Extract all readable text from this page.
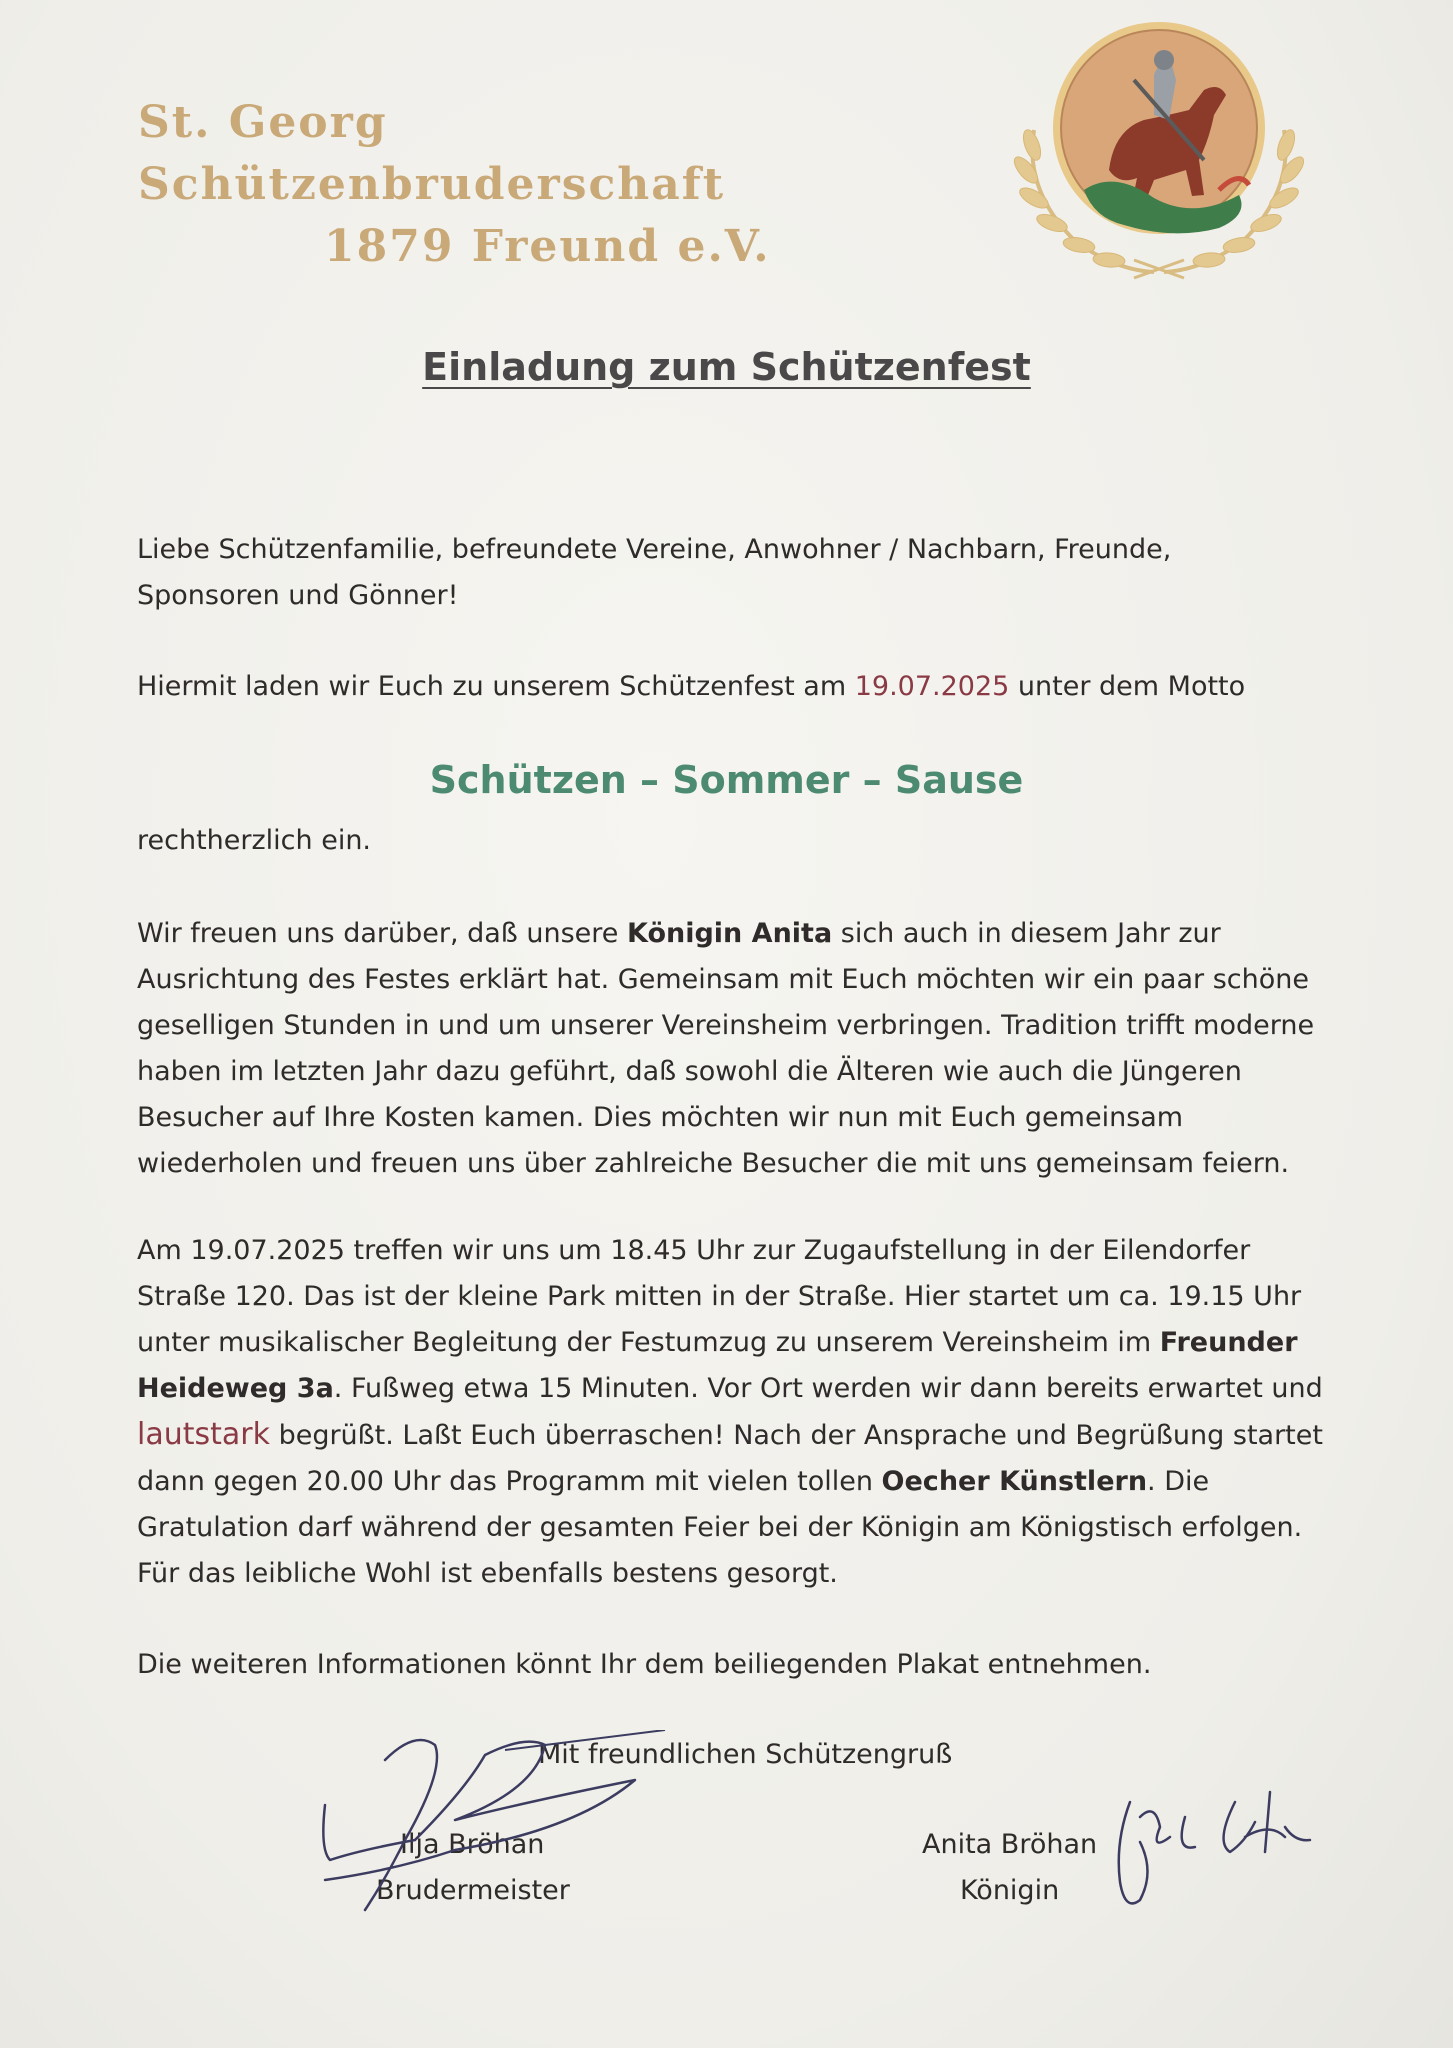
St. Georg Schützenbruderschaft
1879 Freund e.V.
Einladung zum Schützenfest
Liebe Schützenfamilie, befreundete Vereine, Anwohner / Nachbarn, Freunde,
Sponsoren und Gönner!
Hiermit laden wir Euch zu unserem Schützenfest am 19.07.2025 unter dem Motto
Schützen – Sommer – Sause
rechtherzlich ein.
Wir freuen uns darüber, daß unsere Königin Anita sich auch in diesem Jahr zur
Ausrichtung des Festes erklärt hat. Gemeinsam mit Euch möchten wir ein paar schöne
geselligen Stunden in und um unserer Vereinsheim verbringen. Tradition trifft moderne
haben im letzten Jahr dazu geführt, daß sowohl die Älteren wie auch die Jüngeren
Besucher auf Ihre Kosten kamen. Dies möchten wir nun mit Euch gemeinsam
wiederholen und freuen uns über zahlreiche Besucher die mit uns gemeinsam feiern.
Am 19.07.2025 treffen wir uns um 18.45 Uhr zur Zugaufstellung in der Eilendorfer
Straße 120. Das ist der kleine Park mitten in der Straße. Hier startet um ca. 19.15 Uhr
unter musikalischer Begleitung der Festumzug zu unserem Vereinsheim im Freunder
Heideweg 3a. Fußweg etwa 15 Minuten. Vor Ort werden wir dann bereits erwartet und
lautstark begrüßt. Laßt Euch überraschen! Nach der Ansprache und Begrüßung startet
dann gegen 20.00 Uhr das Programm mit vielen tollen Oecher Künstlern. Die
Gratulation darf während der gesamten Feier bei der Königin am Königstisch erfolgen.
Für das leibliche Wohl ist ebenfalls bestens gesorgt.
Die weiteren Informationen könnt Ihr dem beiliegenden Plakat entnehmen.
Mit freundlichen Schützengruß
Ilja Bröhan
Brudermeister
Anita Bröhan
Königin
